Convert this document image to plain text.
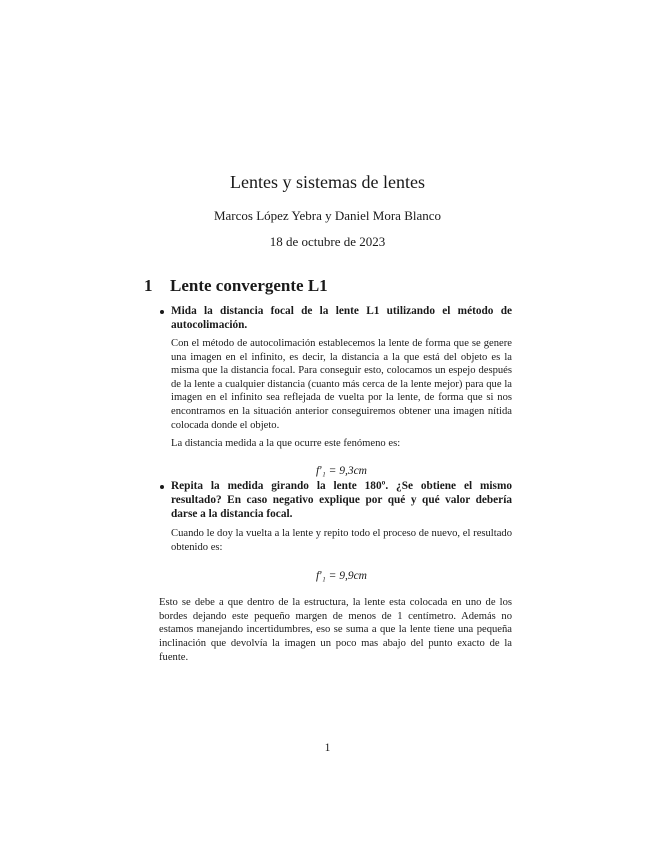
Lentes y sistemas de lentes
Marcos López Yebra y Daniel Mora Blanco
18 de octubre de 2023
1 Lente convergente L1
Mida la distancia focal de la lente L1 utilizando el método de autocolimación.
Con el método de autocolimación establecemos la lente de forma que se genere una imagen en el infinito, es decir, la distancia a la que está del objeto es la misma que la distancia focal. Para conseguir esto, colocamos un espejo después de la lente a cualquier distancia (cuanto más cerca de la lente mejor) para que la imagen en el infinito sea reflejada de vuelta por la lente, de forma que si nos encontramos en la situación anterior conseguiremos obtener una imagen nítida colocada donde el objeto.
La distancia medida a la que ocurre este fenómeno es:
f′₁ = 9,3cm
Repita la medida girando la lente 180º. ¿Se obtiene el mismo resultado? En caso negativo explique por qué y qué valor debería darse a la distancia focal.
Cuando le doy la vuelta a la lente y repito todo el proceso de nuevo, el resultado obtenido es:
f′₁ = 9,9cm
Esto se debe a que dentro de la estructura, la lente esta colocada en uno de los bordes dejando este pequeño margen de menos de 1 centímetro. Además no estamos manejando incertidumbres, eso se suma a que la lente tiene una pequeña inclinación que devolvía la imagen un poco mas abajo del punto exacto de la fuente.
1
